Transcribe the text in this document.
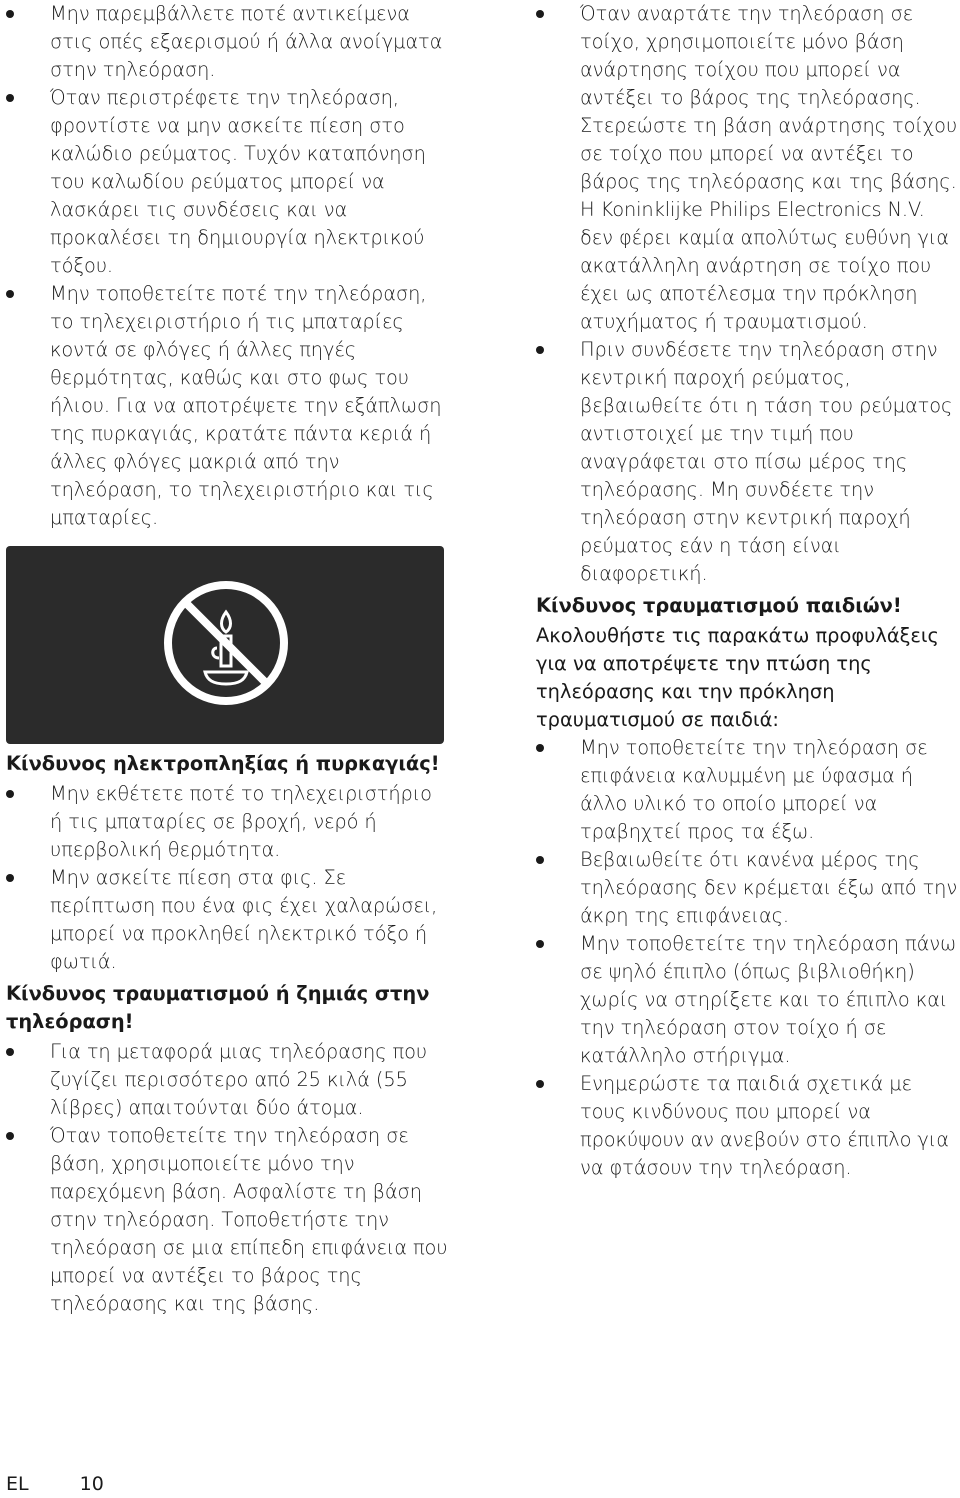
Μην παρεμβάλλετε ποτέ αντικείμενα στις οπές εξαερισμού ή άλλα ανοίγματα στην τηλεόραση.
Όταν περιστρέφετε την τηλεόραση, φροντίστε να μην ασκείτε πίεση στο καλώδιο ρεύματος. Τυχόν καταπόνηση του καλωδίου ρεύματος μπορεί να λασκάρει τις συνδέσεις και να προκαλέσει τη δημιουργία ηλεκτρικού τόξου.
Μην τοποθετείτε ποτέ την τηλεόραση, το τηλεχειριστήριο ή τις μπαταρίες κοντά σε φλόγες ή άλλες πηγές θερμότητας, καθώς και στο φως του ήλιου. Για να αποτρέψετε την εξάπλωση της πυρκαγιάς, κρατάτε πάντα κεριά ή άλλες φλόγες μακριά από την τηλεόραση, το τηλεχειριστήριο και τις μπαταρίες.
Κίνδυνος ηλεκτροπληξίας ή πυρκαγιάς!
Μην εκθέτετε ποτέ το τηλεχειριστήριο ή τις μπαταρίες σε βροχή, νερό ή υπερβολική θερμότητα.
Μην ασκείτε πίεση στα φις. Σε περίπτωση που ένα φις έχει χαλαρώσει, μπορεί να προκληθεί ηλεκτρικό τόξο ή φωτιά.
Κίνδυνος τραυματισμού ή ζημιάς στην τηλεόραση!
Για τη μεταφορά μιας τηλεόρασης που ζυγίζει περισσότερο από 25 κιλά (55 λίβρες) απαιτούνται δύο άτομα.
Όταν τοποθετείτε την τηλεόραση σε βάση, χρησιμοποιείτε μόνο την παρεχόμενη βάση. Ασφαλίστε τη βάση στην τηλεόραση. Τοποθετήστε την τηλεόραση σε μια επίπεδη επιφάνεια που μπορεί να αντέξει το βάρος της τηλεόρασης και της βάσης.
Όταν αναρτάτε την τηλεόραση σε τοίχο, χρησιμοποιείτε μόνο βάση ανάρτησης τοίχου που μπορεί να αντέξει το βάρος της τηλεόρασης. Στερεώστε τη βάση ανάρτησης τοίχου σε τοίχο που μπορεί να αντέξει το βάρος της τηλεόρασης και της βάσης. Η Koninklijke Philips Electronics N.V. δεν φέρει καμία απολύτως ευθύνη για ακατάλληλη ανάρτηση σε τοίχο που έχει ως αποτέλεσμα την πρόκληση ατυχήματος ή τραυματισμού.
Πριν συνδέσετε την τηλεόραση στην κεντρική παροχή ρεύματος, βεβαιωθείτε ότι η τάση του ρεύματος αντιστοιχεί με την τιμή που αναγράφεται στο πίσω μέρος της τηλεόρασης. Μη συνδέετε την τηλεόραση στην κεντρική παροχή ρεύματος εάν η τάση είναι διαφορετική.
Κίνδυνος τραυματισμού παιδιών!

Ακολουθήστε τις παρακάτω προφυλάξεις για να αποτρέψετε την πτώση της τηλεόρασης και την πρόκληση τραυματισμού σε παιδιά:

Μην τοποθετείτε την τηλεόραση σε επιφάνεια καλυμμένη με ύφασμα ή άλλο υλικό το οποίο μπορεί να τραβηχτεί προς τα έξω.
Βεβαιωθείτε ότι κανένα μέρος της τηλεόρασης δεν κρέμεται έξω από την άκρη της επιφάνειας.
Μην τοποθετείτε την τηλεόραση πάνω σε ψηλό έπιπλο (όπως βιβλιοθήκη) χωρίς να στηρίξετε και το έπιπλο και την τηλεόραση στον τοίχο ή σε κατάλληλο στήριγμα.
Ενημερώστε τα παιδιά σχετικά με τους κινδύνους που μπορεί να προκύψουν αν ανεβούν στο έπιπλο για να φτάσουν την τηλεόραση.
EL	10
